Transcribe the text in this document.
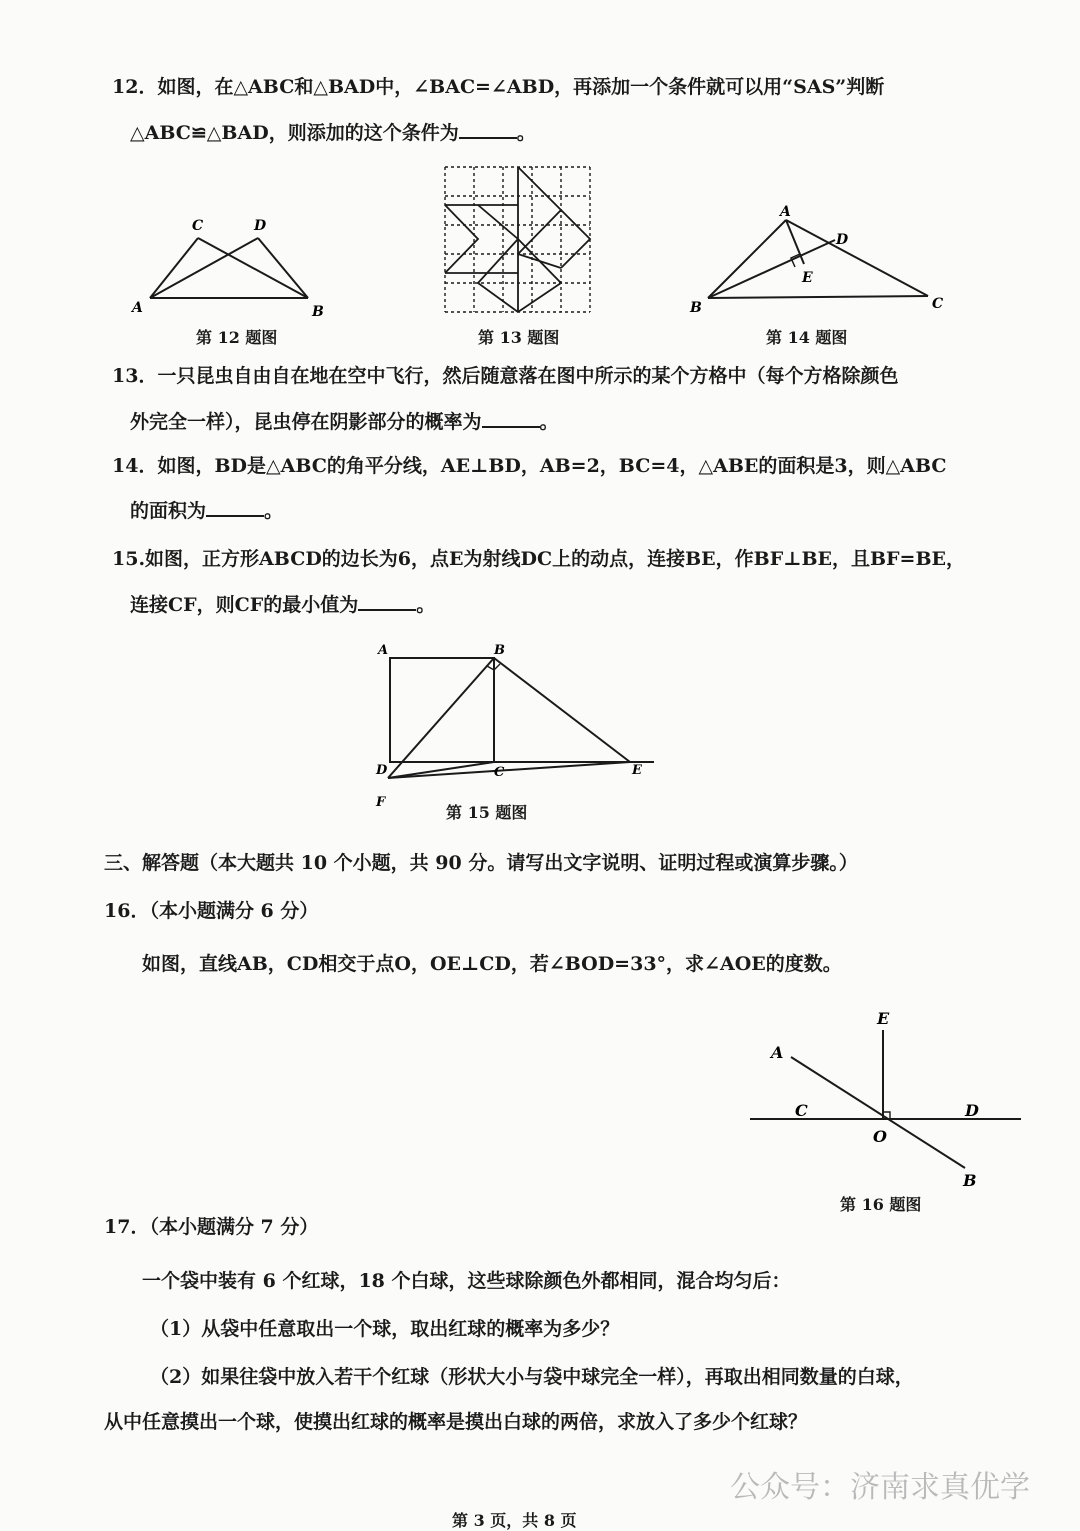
12．如图，在△ABC和△BAD中，∠BAC=∠ABD，再添加一个条件就可以用“SAS”判断
△ABC≌△BAD，则添加的这个条件为	。
A	B
C	D
第 12 题图	第 13 题图
A
B	C
D
E
第 14 题图
13．一只昆虫自由自在地在空中飞行，然后随意落在图中所示的某个方格中（每个方格除颜色
外完全一样），昆虫停在阴影部分的概率为	。
14．如图，BD是△ABC的角平分线，AE⊥BD，AB=2，BC=4，△ABE的面积是3，则△ABC
的面积为	。
15.如图，正方形ABCD的边长为6，点E为射线DC上的动点，连接BE，作BF⊥BE，且BF=BE，
连接CF，则CF的最小值为	。
A	B
C
D	E
F
第 15 题图
三、解答题（本大题共 10 个小题，共 90 分。请写出文字说明、证明过程或演算步骤。）
16．（本小题满分 6 分）
如图，直线AB，CD相交于点O，OE⊥CD，若∠BOD=33°，求∠AOE的度数。
E
A
C	D
O
B
第 16 题图
17．（本小题满分 7 分）
一个袋中装有 6 个红球，18 个白球，这些球除颜色外都相同，混合均匀后：
（1）从袋中任意取出一个球，取出红球的概率为多少？
（2）如果往袋中放入若干个红球（形状大小与袋中球完全一样），再取出相同数量的白球，
从中任意摸出一个球，使摸出红球的概率是摸出白球的两倍，求放入了多少个红球？
公众号：济南求真优学
第 3 页，共 8 页
